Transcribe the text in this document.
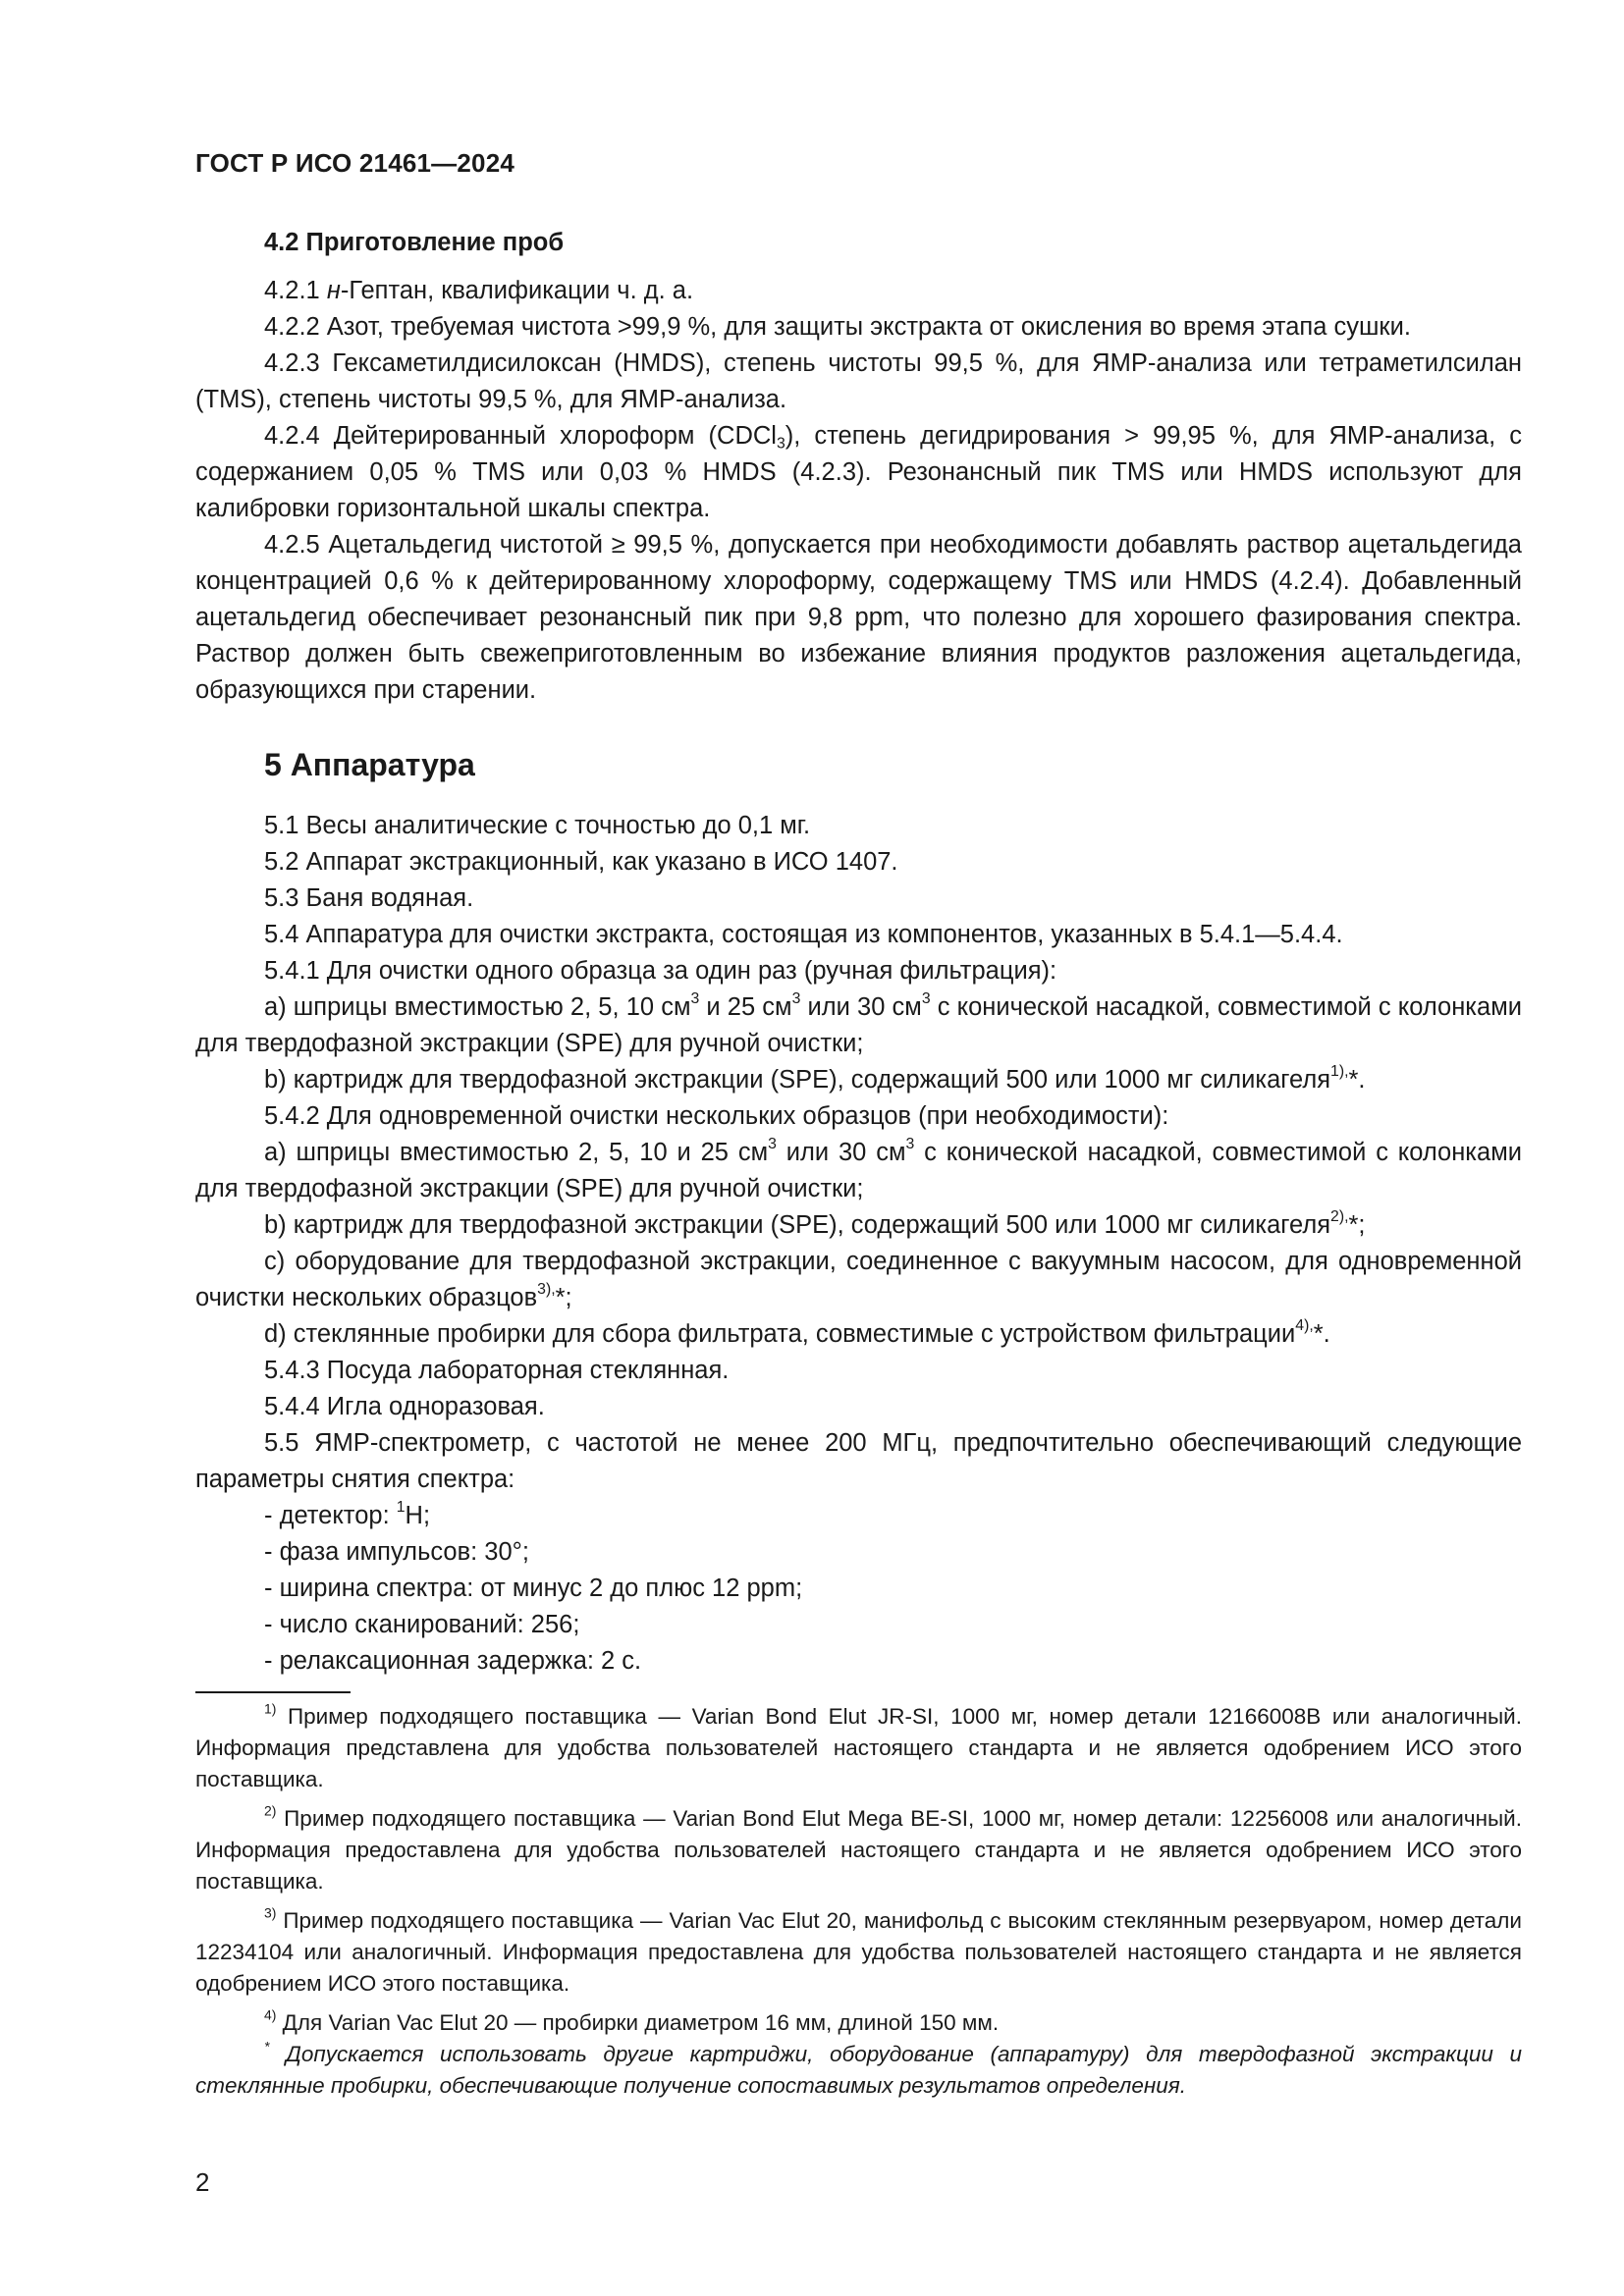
ГОСТ Р ИСО 21461—2024

4.2 Приготовление проб

4.2.1 н-Гептан, квалификации ч. д. а.

4.2.2 Азот, требуемая чистота >99,9 %, для защиты экстракта от окисления во время этапа сушки.

4.2.3 Гексаметилдисилоксан (HMDS), степень чистоты 99,5 %, для ЯМР-анализа или тетраметилсилан (TMS), степень чистоты 99,5 %, для ЯМР-анализа.

4.2.4 Дейтерированный хлороформ (CDCl$_3$), степень дегидрирования > 99,95 %, для ЯМР-анализа, с содержанием 0,05 % TMS или 0,03 % HMDS (4.2.3). Резонансный пик TMS или HMDS используют для калибровки горизонтальной шкалы спектра.

4.2.5 Ацетальдегид чистотой ≥ 99,5 %, допускается при необходимости добавлять раствор ацетальдегида концентрацией 0,6 % к дейтерированному хлороформу, содержащему TMS или HMDS (4.2.4). Добавленный ацетальдегид обеспечивает резонансный пик при 9,8 ppm, что полезно для хорошего фазирования спектра. Раствор должен быть свежеприготовленным во избежание влияния продуктов разложения ацетальдегида, образующихся при старении.

5 Аппаратура

5.1 Весы аналитические с точностью до 0,1 мг.

5.2 Аппарат экстракционный, как указано в ИСО 1407.

5.3 Баня водяная.

5.4 Аппаратура для очистки экстракта, состоящая из компонентов, указанных в 5.4.1—5.4.4.

5.4.1 Для очистки одного образца за один раз (ручная фильтрация):

а) шприцы вместимостью 2, 5, 10 $см^3$ и 25 $см^3$ или 30 $см^3$ с конической насадкой, совместимой с колонками для твердофазной экстракции (SPE) для ручной очистки;

b) картридж для твердофазной экстракции (SPE), содержащий 500 или 1000 мг силикагеля$^{1),}$*.

5.4.2 Для одновременной очистки нескольких образцов (при необходимости):

а) шприцы вместимостью 2, 5, 10 и 25 $см^3$ или 30 $см^3$ с конической насадкой, совместимой с колонками для твердофазной экстракции (SPE) для ручной очистки;

b) картридж для твердофазной экстракции (SPE), содержащий 500 или 1000 мг силикагеля$^{2),}$*;

с) оборудование для твердофазной экстракции, соединенное с вакуумным насосом, для одновременной очистки нескольких образцов$^{3),}$*;

d) стеклянные пробирки для сбора фильтрата, совместимые с устройством фильтрации$^{4),}$*.

5.4.3 Посуда лабораторная стеклянная.

5.4.4 Игла одноразовая.

5.5 ЯМР-спектрометр, с частотой не менее 200 МГц, предпочтительно обеспечивающий следующие параметры снятия спектра:

- детектор: $^1$Н;

- фаза импульсов: 30°;

- ширина спектра: от минус 2 до плюс 12 ppm;

- число сканирований: 256;

- релаксационная задержка: 2 с.

$^{1)}$ Пример подходящего поставщика — Varian Bond Elut JR-SI, 1000 мг, номер детали 12166008В или аналогичный. Информация представлена для удобства пользователей настоящего стандарта и не является одобрением ИСО этого поставщика.

$^{2)}$ Пример подходящего поставщика — Varian Bond Elut Mega BE-SI, 1000 мг, номер детали: 12256008 или аналогичный. Информация предоставлена для удобства пользователей настоящего стандарта и не является одобрением ИСО этого поставщика.

$^{3)}$ Пример подходящего поставщика — Varian Vac Elut 20, манифольд с высоким стеклянным резервуаром, номер детали 12234104 или аналогичный. Информация предоставлена для удобства пользователей настоящего стандарта и не является одобрением ИСО этого поставщика.

$^{4)}$ Для Varian Vac Elut 20 — пробирки диаметром 16 мм, длиной 150 мм.

* Допускается использовать другие картриджи, оборудование (аппаратуру) для твердофазной экстракции и стеклянные пробирки, обеспечивающие получение сопоставимых результатов определения.

2
